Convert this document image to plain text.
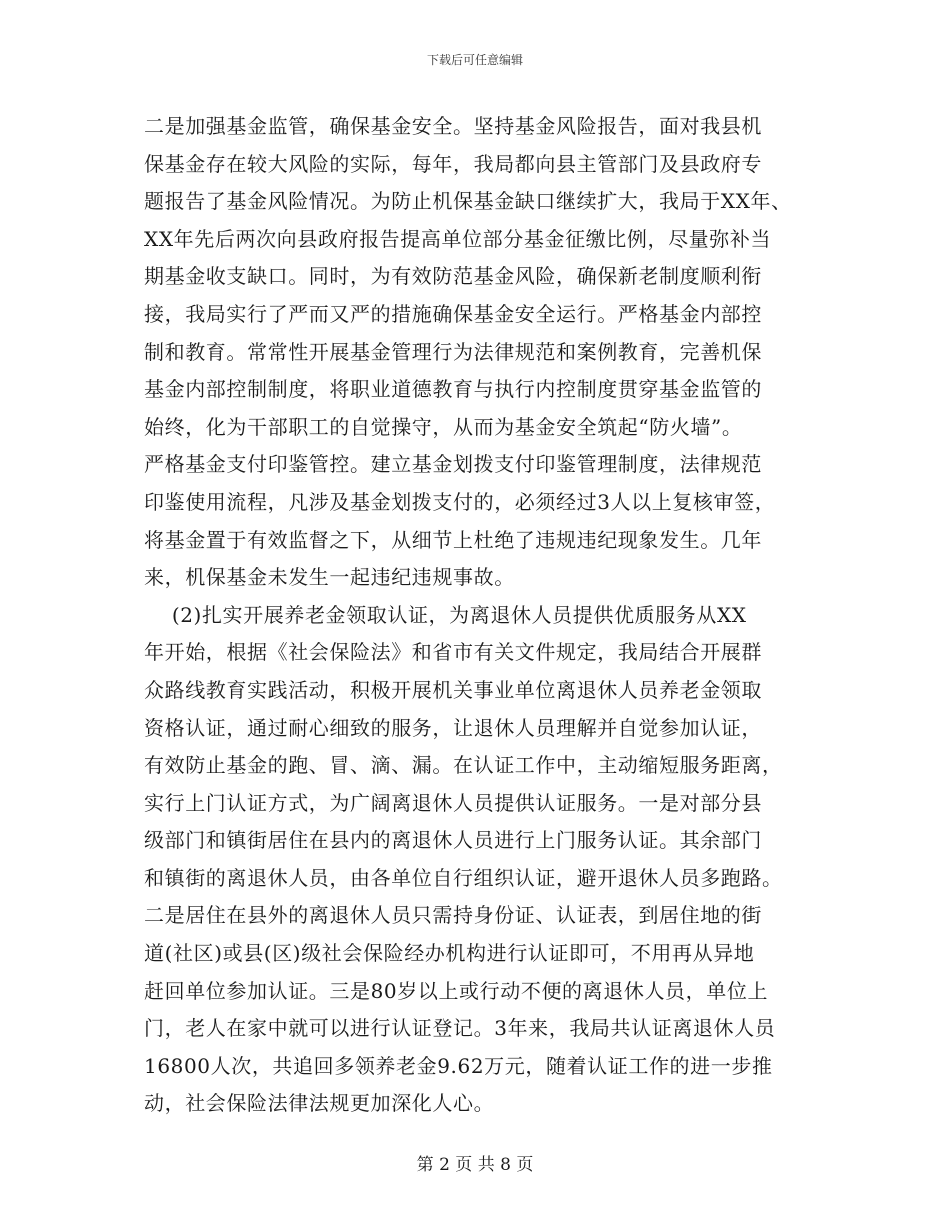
下载后可任意编辑
二是加强基金监管，确保基金安全。坚持基金风险报告，面对我县机
保基金存在较大风险的实际，每年，我局都向县主管部门及县政府专
题报告了基金风险情况。为防止机保基金缺口继续扩大，我局于XX年、
XX年先后两次向县政府报告提高单位部分基金征缴比例，尽量弥补当
期基金收支缺口。同时，为有效防范基金风险，确保新老制度顺利衔
接，我局实行了严而又严的措施确保基金安全运行。严格基金内部控
制和教育。常常性开展基金管理行为法律规范和案例教育，完善机保
基金内部控制制度，将职业道德教育与执行内控制度贯穿基金监管的
始终，化为干部职工的自觉操守，从而为基金安全筑起“防火墙”。
严格基金支付印鉴管控。建立基金划拨支付印鉴管理制度，法律规范
印鉴使用流程，凡涉及基金划拨支付的，必须经过3人以上复核审签，
将基金置于有效监督之下，从细节上杜绝了违规违纪现象发生。几年
来，机保基金未发生一起违纪违规事故。
(2)扎实开展养老金领取认证，为离退休人员提供优质服务从XX
年开始，根据《社会保险法》和省市有关文件规定，我局结合开展群
众路线教育实践活动，积极开展机关事业单位离退休人员养老金领取
资格认证，通过耐心细致的服务，让退休人员理解并自觉参加认证，
有效防止基金的跑、冒、滴、漏。在认证工作中，主动缩短服务距离，
实行上门认证方式，为广阔离退休人员提供认证服务。一是对部分县
级部门和镇街居住在县内的离退休人员进行上门服务认证。其余部门
和镇街的离退休人员，由各单位自行组织认证，避开退休人员多跑路。
二是居住在县外的离退休人员只需持身份证、认证表，到居住地的街
道(社区)或县(区)级社会保险经办机构进行认证即可，不用再从异地
赶回单位参加认证。三是80岁以上或行动不便的离退休人员，单位上
门，老人在家中就可以进行认证登记。3年来，我局共认证离退休人员
16800人次，共追回多领养老金9.62万元，随着认证工作的进一步推
动，社会保险法律法规更加深化人心。
第 2 页 共 8 页
